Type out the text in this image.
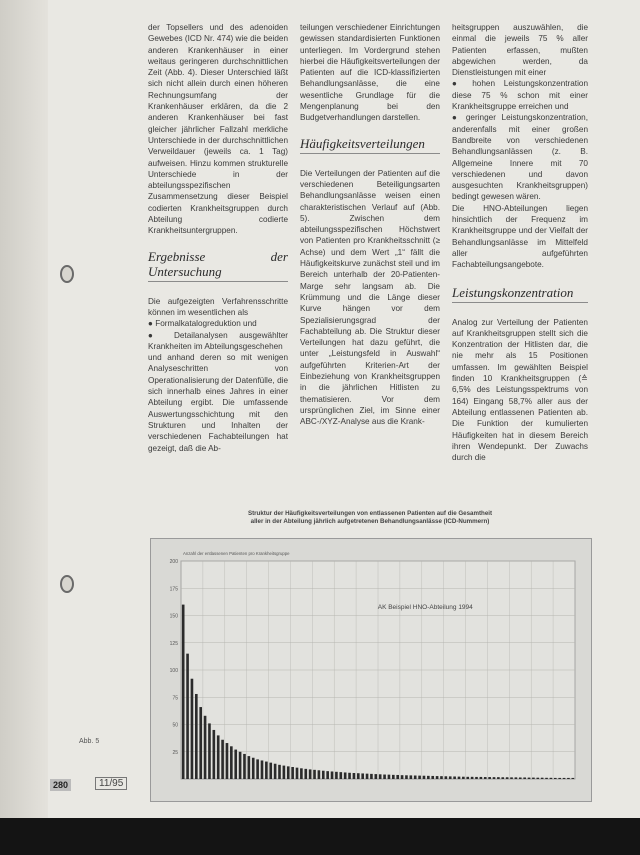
der Topsellers und des adenoiden Gewebes (ICD Nr. 474) wie die beiden anderen Krankenhäuser in einer weitaus geringeren durchschnittlichen Zeit (Abb. 4). Dieser Unterschied läßt sich nicht allein durch einen höheren Rechnungsumfang der Krankenhäuser erklären, da die 2 anderen Krankenhäuser bei fast gleicher jährlicher Fallzahl merkliche Unterschiede in der durchschnittlichen Verweildauer (jeweils ca. 1 Tag) aufweisen. Hinzu kommen strukturelle Unterschiede in der abteilungsspezifischen Zusammensetzung dieser Beispiel codierten Krankheitsgruppen durch Abteilung codierte Krankheitsuntergruppen.

Ergebnisse der Untersuchung

Die aufgezeigten Verfahrensschritte können im wesentlichen als

● Formalkatalogreduktion und

● Detailanalysen ausgewählter Krankheiten im Abteilungsgeschehen

und anhand deren so mit wenigen Analyseschritten von Operationalisierung der Datenfülle, die sich innerhalb eines Jahres in einer Abteilung ergibt. Die umfassende Auswertungsschichtung mit den Strukturen und Inhalten der verschiedenen Fachabteilungen hat gezeigt, daß die Ab-

teilungen verschiedener Einrichtungen gewissen standardisierten Funktionen unterliegen. Im Vordergrund stehen hierbei die Häufigkeitsverteilungen der Patienten auf die ICD-klassifizierten Behandlungsanlässe, die eine wesentliche Grundlage für die Mengenplanung bei den Budgetverhandlungen darstellen.

Häufigkeitsverteilungen

Die Verteilungen der Patienten auf die verschiedenen Beteiligungsarten Behandlungsanlässe weisen einen charakteristischen Verlauf auf (Abb. 5). Zwischen dem abteilungsspezifischen Höchstwert von Patienten pro Krankheitsschnitt (≥ Achse) und dem Wert „1“ fällt die Häufigkeitskurve zunächst steil und im Bereich unterhalb der 20-Patienten-Marge sehr langsam ab. Die Krümmung und die Länge dieser Kurve hängen vor dem Spezialisierungsgrad der Fachabteilung ab. Die Struktur dieser Verteilungen hat dazu geführt, die unter „Leistungsfeld in Auswahl“ aufgeführten Kriterien-Art der Einbeziehung von Krankheitsgruppen in die jährlichen Hitlisten zu thematisieren. Vor dem ursprünglichen Ziel, im Sinne einer ABC-/XYZ-Analyse aus die Krank-

heitsgruppen auszuwählen, die einmal die jeweils 75 % aller Patienten erfassen, mußten abgewichen werden, da Dienstleistungen mit einer

● hohen Leistungskonzentration diese 75 % schon mit einer Krankheitsgruppe erreichen und

● geringer Leistungskonzentration, anderenfalls mit einer großen Bandbreite von verschiedenen Behandlungsanlässen (z. B. Allgemeine Innere mit 70 verschiedenen und davon ausgesuchten Krankheitsgruppen) bedingt gewesen wären.

Die HNO-Abteilungen liegen hinsichtlich der Frequenz im Krankheitsgruppe und der Vielfalt der Behandlungsanlässe im Mittelfeld aller aufgeführten Fachabteilungsangebote.

Leistungskonzentration

Analog zur Verteilung der Patienten auf Krankheitsgruppen stellt sich die Konzentration der Hitlisten dar, die nie mehr als 15 Positionen umfassen. Im gewählten Beispiel finden 10 Krankheitsgruppen (≙ 6,5% des Leistungsspektrums von 164) Eingang 58,7% aller aus der Abteilung entlassenen Patienten ab. Die Funktion der kumulierten Häufigkeiten hat in diesem Bereich ihren Wendepunkt. Der Zuwachs durch die

Struktur der Häufigkeitsverteilungen von entlassenen Patienten auf die Gesamtheit
aller in der Abteilung jährlich aufgetretenen Behandlungsanlässe (ICD-Nummern)
200
175
150
125
100
75
50
25
AK Beispiel HNO-Abteilung 1994
Anzahl der entlassenen Patienten pro Krankheitsgruppe
Abb. 5
280	11/95
